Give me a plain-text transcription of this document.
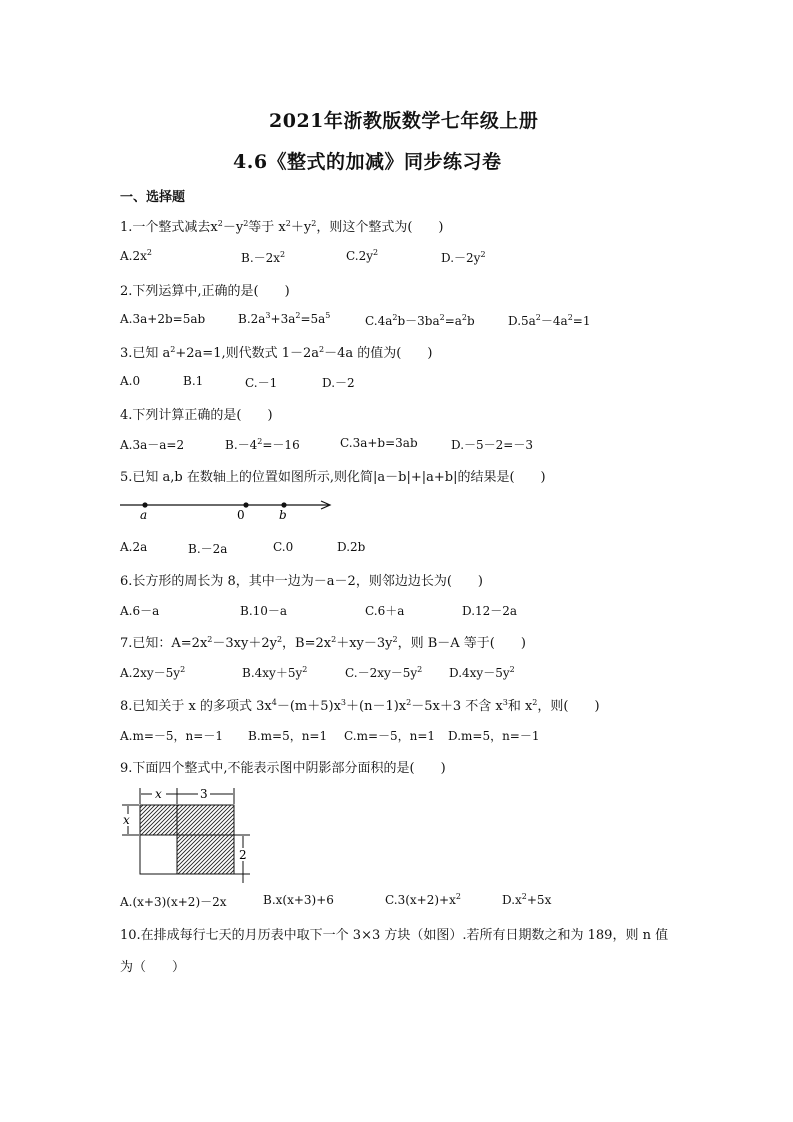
2021年浙教版数学七年级上册
4.6《整式的加减》同步练习卷
一、选择题
1.一个整式减去$x^2-y^2$等于 $x^2+y^2$，则这个整式为(　　)
$A.2x^2$	$B.-2x^2$	$C.2y^2$	$D.-2y^2$
2.下列运算中,正确的是(　　)
A.3a+2b=5ab	$B.2a^3+3a^2=5a^5$	$C.4a^2b-3ba^2=a^2b$	$D.5a^2-4a^2=1$
3.已知 $a^2+2a=1$,则代数式 $1-2a^2-4a$ 的值为(　　)
A.0	B.1	C.－1	D.－2
4.下列计算正确的是(　　)
A.3a－a=2	$B.-4^2=-16$	C.3a+b=3ab	D.－5－2=－3
5.已知 a,b 在数轴上的位置如图所示,则化简|a－b|+|a+b|的结果是(　　)
a	0	b
A.2a	B.－2a	C.0	D.2b
6.长方形的周长为 8，其中一边为－a－2，则邻边边长为(　　)
A.6－a	B.10－a	C.6＋a	D.12－2a
7.已知：$A=2x^2-3xy+2y^2$，$B=2x^2+xy-3y^2$，则 B－A 等于(　　)
$A.2xy-5y^2$	$B.4xy+5y^2$	$C.-2xy-5y^2$ $D.4xy-5y^2$
8.已知关于 x 的多项式 $3x^4-(m+5)x^3+(n-1)x^2-5x+3$ 不含 $x^3$和 $x^2$，则(　　)
A.m=－5，n=－1 B.m=5，n=1 C.m=－5，n=1 D.m=5，n=－1
9.下面四个整式中,不能表示图中阴影部分面积的是(　　)
x	3
x
2
A.(x+3)(x+2)－2x	B.x(x+3)+6	$C.3(x+2)+x^2$	$D.x^2+5x$
10.在排成每行七天的月历表中取下一个 3×3 方块（如图）.若所有日期数之和为 189，则 n 值
为（　　）
